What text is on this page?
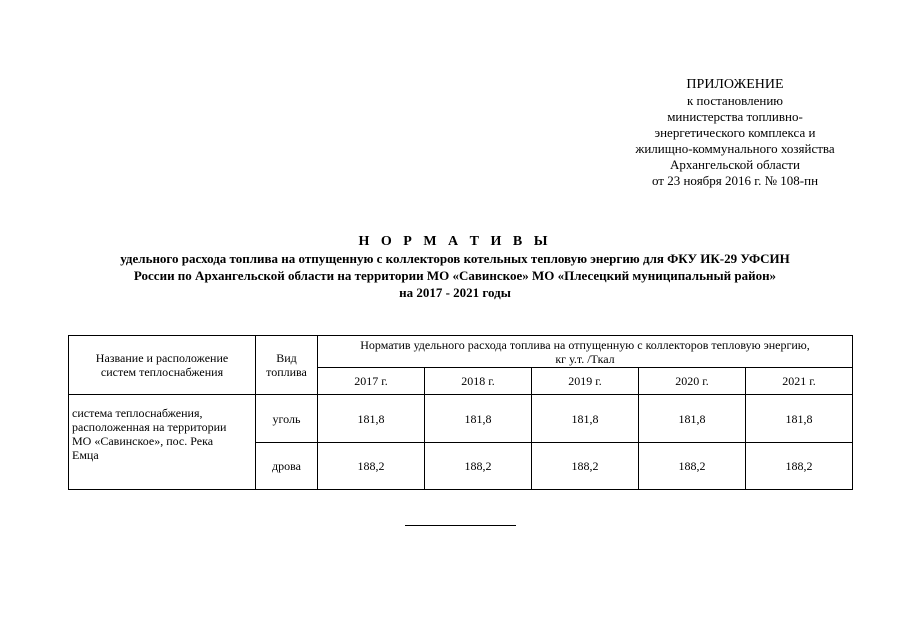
ПРИЛОЖЕНИЕ
к постановлению
министерства топливно-
энергетического комплекса и
жилищно-коммунального хозяйства
Архангельской области
от 23 ноября 2016 г. № 108-пн
Н О Р М А Т И В Ы
удельного расхода топлива на отпущенную с коллекторов котельных тепловую энергию для ФКУ ИК-29 УФСИН
России по Архангельской области на территории МО «Савинское» МО «Плесецкий муниципальный район»
на 2017 - 2021 годы
Название и расположение
систем теплоснабжения	Вид
топлива	Норматив удельного расхода топлива на отпущенную с коллекторов тепловую энергию,
кг у.т. /Ткал				
		2017 г.	2018 г.	2019 г.	2020 г.	2021 г.
система теплоснабжения,
расположенная на территории
МО «Савинское», пос. Река
Емца	уголь	181,8	181,8	181,8	181,8	181,8
	дрова	188,2	188,2	188,2	188,2	188,2
